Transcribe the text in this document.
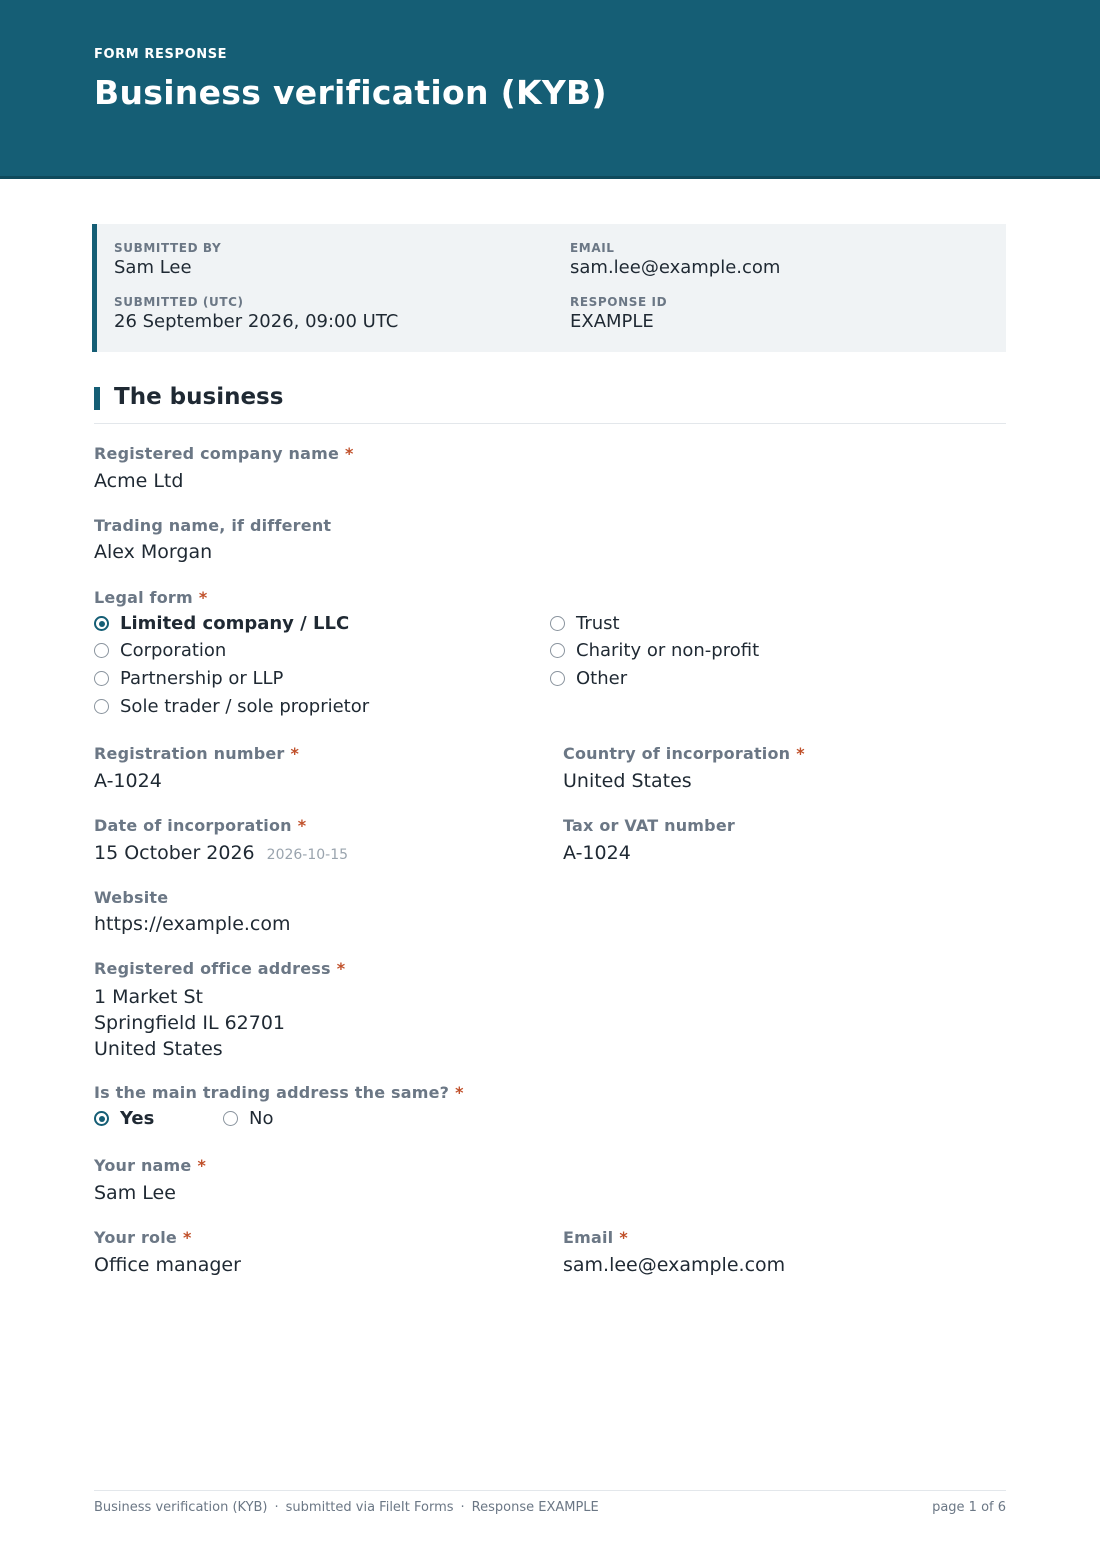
FORM RESPONSE
Business verification (KYB)
SUBMITTED BY
Sam Lee
EMAIL
sam.lee@example.com
SUBMITTED (UTC)
26 September 2026, 09:00 UTC
RESPONSE ID
EXAMPLE
The business
Registered company name *
Acme Ltd
Trading name, if different
Alex Morgan
Legal form *
Limited company / LLC
Corporation
Partnership or LLP
Sole trader / sole proprietor
Trust
Charity or non-profit
Other
Registration number *
A-1024
Country of incorporation *
United States
Date of incorporation *
15 October 2026 2026-10-15
Tax or VAT number
A-1024
Website
https://example.com
Registered office address *
1 Market St
Springfield IL 62701
United States
Is the main trading address the same? *
Yes	No
Your name *
Sam Lee
Your role *
Office manager
Email *
sam.lee@example.com
Business verification (KYB) · submitted via FileIt Forms · Response EXAMPLE	page 1 of 6
